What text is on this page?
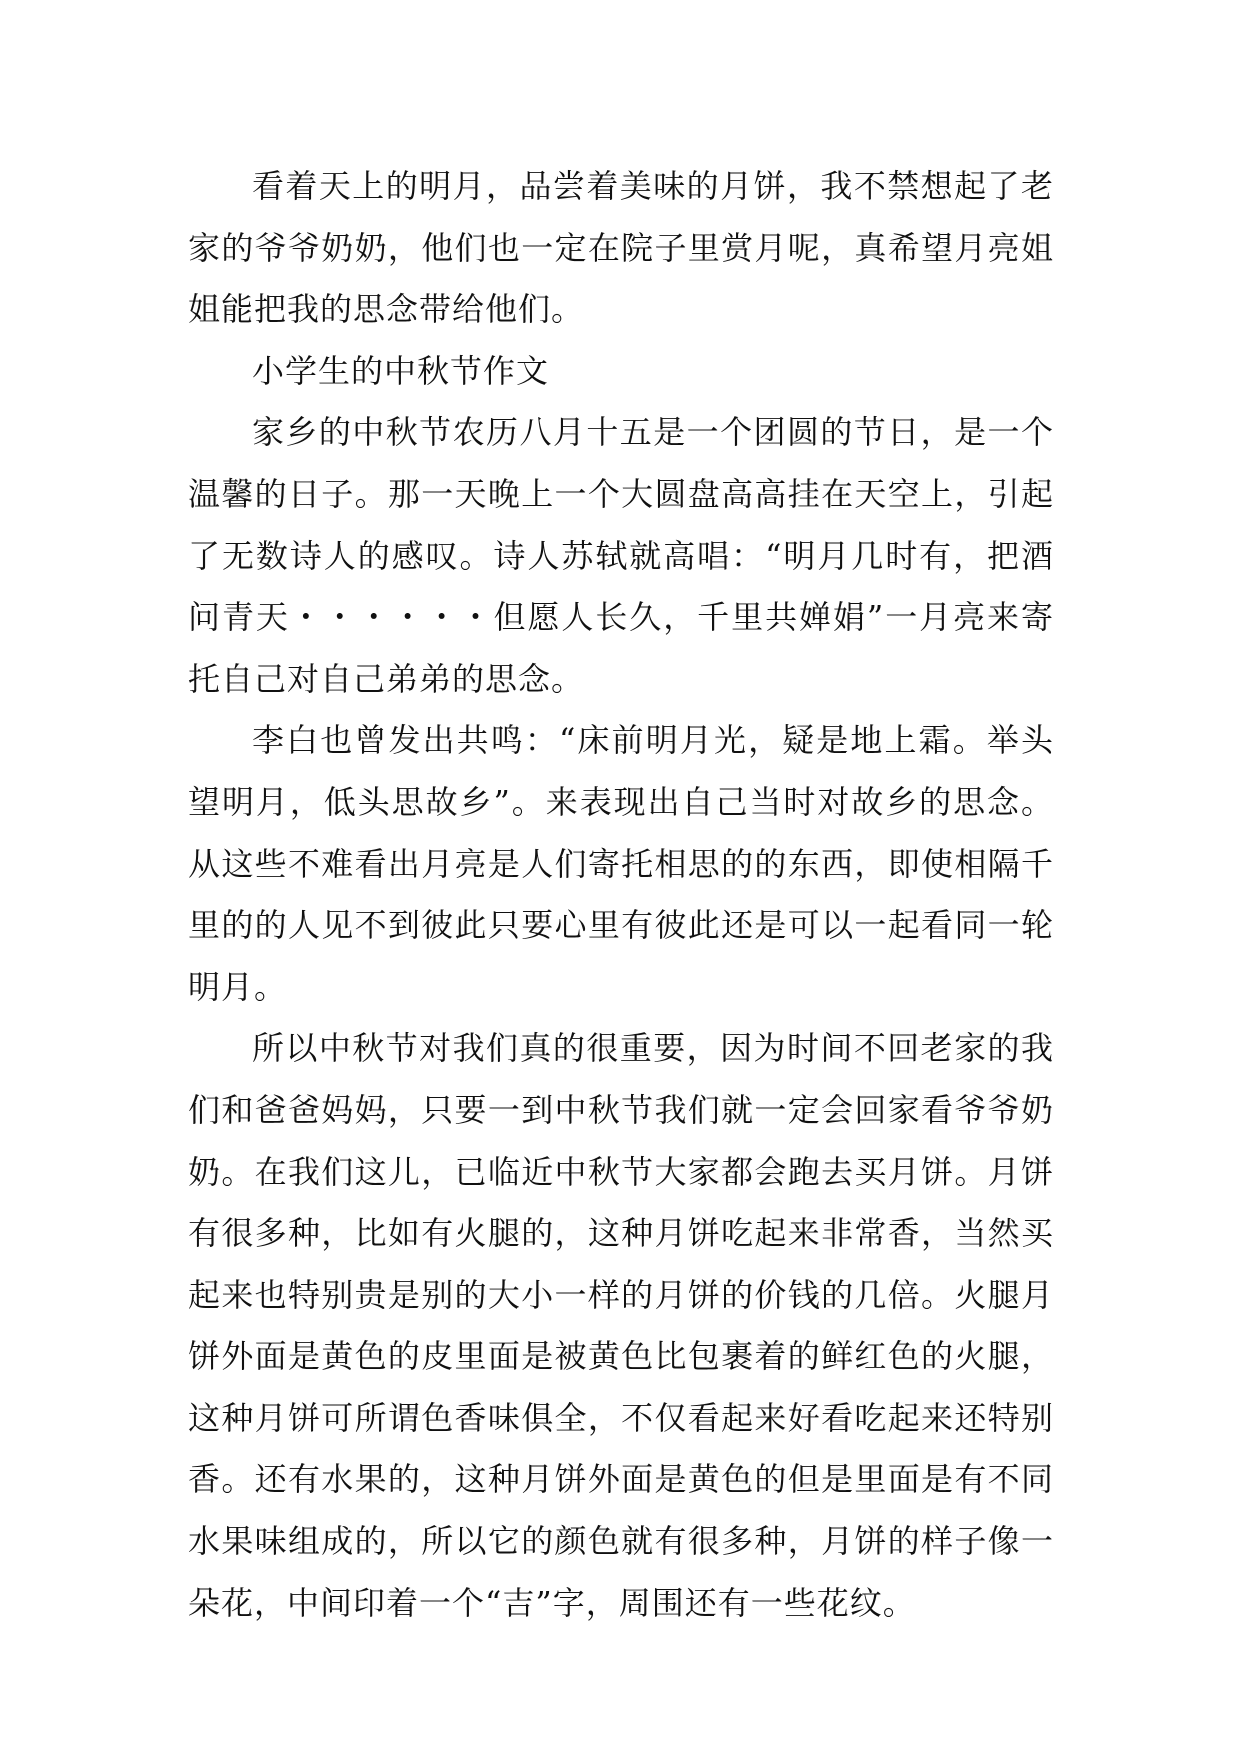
看着天上的明月，品尝着美味的月饼，我不禁想起了老家的爷爷奶奶，他们也一定在院子里赏月呢，真希望月亮姐姐能把我的思念带给他们。

小学生的中秋节作文

家乡的中秋节农历八月十五是一个团圆的节日，是一个温馨的日子。那一天晚上一个大圆盘高高挂在天空上，引起了无数诗人的感叹。诗人苏轼就高唱：“明月几时有，把酒问青天・・・・・・但愿人长久，千里共婵娟”一月亮来寄托自己对自己弟弟的思念。

李白也曾发出共鸣：“床前明月光，疑是地上霜。举头望明月，低头思故乡”。来表现出自己当时对故乡的思念。从这些不难看出月亮是人们寄托相思的的东西，即使相隔千里的的人见不到彼此只要心里有彼此还是可以一起看同一轮明月。

所以中秋节对我们真的很重要，因为时间不回老家的我们和爸爸妈妈，只要一到中秋节我们就一定会回家看爷爷奶奶。在我们这儿，已临近中秋节大家都会跑去买月饼。月饼有很多种，比如有火腿的，这种月饼吃起来非常香，当然买起来也特别贵是别的大小一样的月饼的价钱的几倍。火腿月饼外面是黄色的皮里面是被黄色比包裹着的鲜红色的火腿，这种月饼可所谓色香味俱全，不仅看起来好看吃起来还特别香。还有水果的，这种月饼外面是黄色的但是里面是有不同水果味组成的，所以它的颜色就有很多种，月饼的样子像一朵花，中间印着一个“吉”字，周围还有一些花纹。
